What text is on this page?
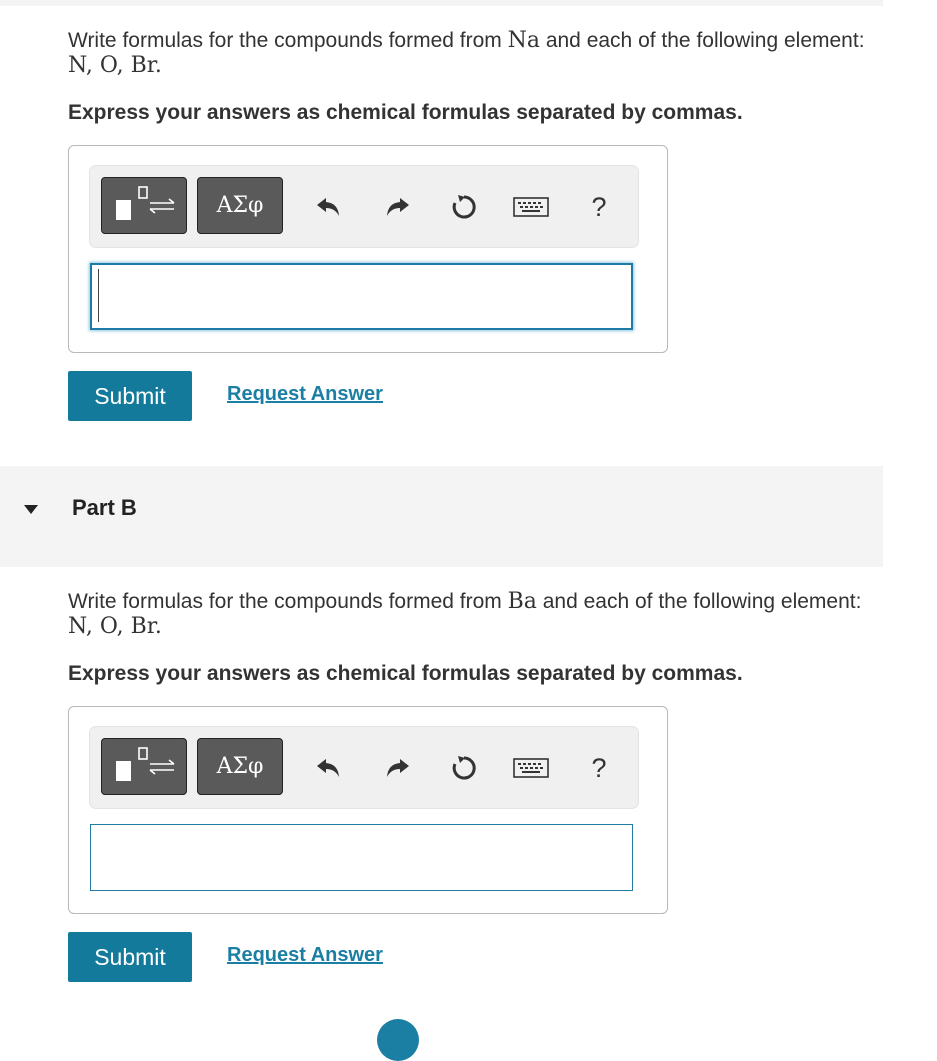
Write formulas for the compounds formed from Na and each of the following element: N, O, Br.
Express your answers as chemical formulas separated by commas.
ΑΣφ	?
Submit	Request Answer
Part B
Write formulas for the compounds formed from Ba and each of the following element: N, O, Br.
Express your answers as chemical formulas separated by commas.
ΑΣφ	?
Submit	Request Answer
